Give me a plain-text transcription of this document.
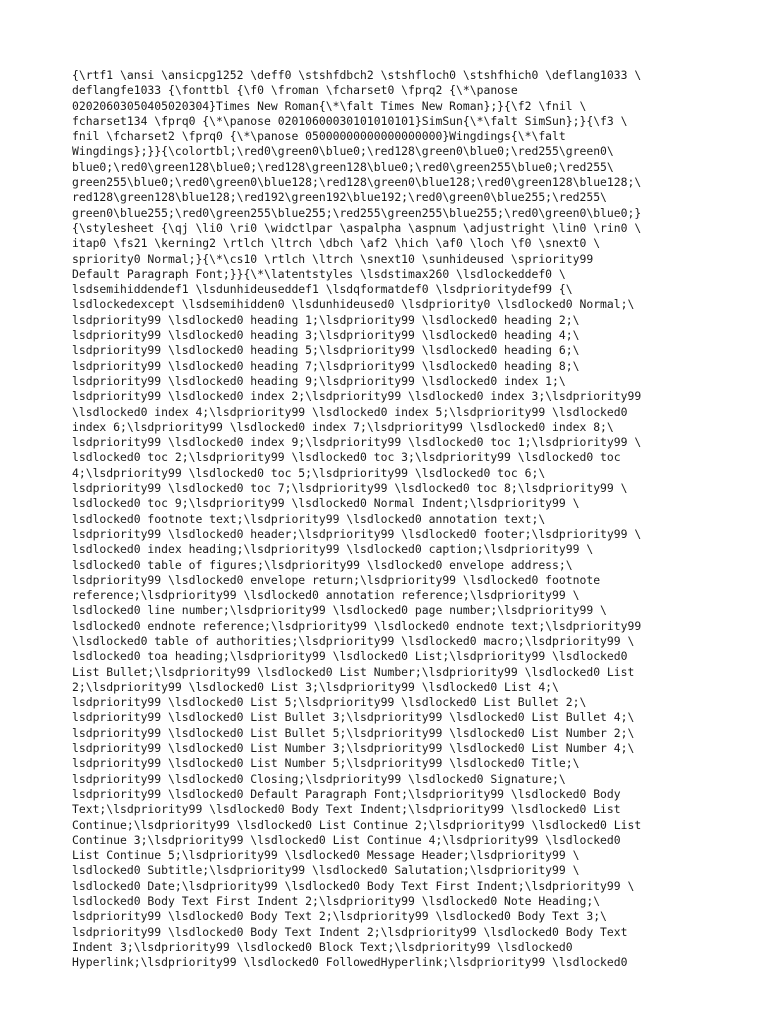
{\rtf1 \ansi \ansicpg1252 \deff0 \stshfdbch2 \stshfloch0 \stshfhich0 \deflang1033 \
deflangfe1033 {\fonttbl {\f0 \froman \fcharset0 \fprq2 {\*\panose
02020603050405020304}Times New Roman{\*\falt Times New Roman};}{\f2 \fnil \
fcharset134 \fprq0 {\*\panose 02010600030101010101}SimSun{\*\falt SimSun};}{\f3 \
fnil \fcharset2 \fprq0 {\*\panose 05000000000000000000}Wingdings{\*\falt
Wingdings};}}{\colortbl;\red0\green0\blue0;\red128\green0\blue0;\red255\green0\
blue0;\red0\green128\blue0;\red128\green128\blue0;\red0\green255\blue0;\red255\
green255\blue0;\red0\green0\blue128;\red128\green0\blue128;\red0\green128\blue128;\
red128\green128\blue128;\red192\green192\blue192;\red0\green0\blue255;\red255\
green0\blue255;\red0\green255\blue255;\red255\green255\blue255;\red0\green0\blue0;}
{\stylesheet {\qj \li0 \ri0 \widctlpar \aspalpha \aspnum \adjustright \lin0 \rin0 \
itap0 \fs21 \kerning2 \rtlch \ltrch \dbch \af2 \hich \af0 \loch \f0 \snext0 \
spriority0 Normal;}{\*\cs10 \rtlch \ltrch \snext10 \sunhideused \spriority99
Default Paragraph Font;}}{\*\latentstyles \lsdstimax260 \lsdlockeddef0 \
lsdsemihiddendef1 \lsdunhideuseddef1 \lsdqformatdef0 \lsdprioritydef99 {\
lsdlockedexcept \lsdsemihidden0 \lsdunhideused0 \lsdpriority0 \lsdlocked0 Normal;\
lsdpriority99 \lsdlocked0 heading 1;\lsdpriority99 \lsdlocked0 heading 2;\
lsdpriority99 \lsdlocked0 heading 3;\lsdpriority99 \lsdlocked0 heading 4;\
lsdpriority99 \lsdlocked0 heading 5;\lsdpriority99 \lsdlocked0 heading 6;\
lsdpriority99 \lsdlocked0 heading 7;\lsdpriority99 \lsdlocked0 heading 8;\
lsdpriority99 \lsdlocked0 heading 9;\lsdpriority99 \lsdlocked0 index 1;\
lsdpriority99 \lsdlocked0 index 2;\lsdpriority99 \lsdlocked0 index 3;\lsdpriority99
\lsdlocked0 index 4;\lsdpriority99 \lsdlocked0 index 5;\lsdpriority99 \lsdlocked0
index 6;\lsdpriority99 \lsdlocked0 index 7;\lsdpriority99 \lsdlocked0 index 8;\
lsdpriority99 \lsdlocked0 index 9;\lsdpriority99 \lsdlocked0 toc 1;\lsdpriority99 \
lsdlocked0 toc 2;\lsdpriority99 \lsdlocked0 toc 3;\lsdpriority99 \lsdlocked0 toc
4;\lsdpriority99 \lsdlocked0 toc 5;\lsdpriority99 \lsdlocked0 toc 6;\
lsdpriority99 \lsdlocked0 toc 7;\lsdpriority99 \lsdlocked0 toc 8;\lsdpriority99 \
lsdlocked0 toc 9;\lsdpriority99 \lsdlocked0 Normal Indent;\lsdpriority99 \
lsdlocked0 footnote text;\lsdpriority99 \lsdlocked0 annotation text;\
lsdpriority99 \lsdlocked0 header;\lsdpriority99 \lsdlocked0 footer;\lsdpriority99 \
lsdlocked0 index heading;\lsdpriority99 \lsdlocked0 caption;\lsdpriority99 \
lsdlocked0 table of figures;\lsdpriority99 \lsdlocked0 envelope address;\
lsdpriority99 \lsdlocked0 envelope return;\lsdpriority99 \lsdlocked0 footnote
reference;\lsdpriority99 \lsdlocked0 annotation reference;\lsdpriority99 \
lsdlocked0 line number;\lsdpriority99 \lsdlocked0 page number;\lsdpriority99 \
lsdlocked0 endnote reference;\lsdpriority99 \lsdlocked0 endnote text;\lsdpriority99
\lsdlocked0 table of authorities;\lsdpriority99 \lsdlocked0 macro;\lsdpriority99 \
lsdlocked0 toa heading;\lsdpriority99 \lsdlocked0 List;\lsdpriority99 \lsdlocked0
List Bullet;\lsdpriority99 \lsdlocked0 List Number;\lsdpriority99 \lsdlocked0 List
2;\lsdpriority99 \lsdlocked0 List 3;\lsdpriority99 \lsdlocked0 List 4;\
lsdpriority99 \lsdlocked0 List 5;\lsdpriority99 \lsdlocked0 List Bullet 2;\
lsdpriority99 \lsdlocked0 List Bullet 3;\lsdpriority99 \lsdlocked0 List Bullet 4;\
lsdpriority99 \lsdlocked0 List Bullet 5;\lsdpriority99 \lsdlocked0 List Number 2;\
lsdpriority99 \lsdlocked0 List Number 3;\lsdpriority99 \lsdlocked0 List Number 4;\
lsdpriority99 \lsdlocked0 List Number 5;\lsdpriority99 \lsdlocked0 Title;\
lsdpriority99 \lsdlocked0 Closing;\lsdpriority99 \lsdlocked0 Signature;\
lsdpriority99 \lsdlocked0 Default Paragraph Font;\lsdpriority99 \lsdlocked0 Body
Text;\lsdpriority99 \lsdlocked0 Body Text Indent;\lsdpriority99 \lsdlocked0 List
Continue;\lsdpriority99 \lsdlocked0 List Continue 2;\lsdpriority99 \lsdlocked0 List
Continue 3;\lsdpriority99 \lsdlocked0 List Continue 4;\lsdpriority99 \lsdlocked0
List Continue 5;\lsdpriority99 \lsdlocked0 Message Header;\lsdpriority99 \
lsdlocked0 Subtitle;\lsdpriority99 \lsdlocked0 Salutation;\lsdpriority99 \
lsdlocked0 Date;\lsdpriority99 \lsdlocked0 Body Text First Indent;\lsdpriority99 \
lsdlocked0 Body Text First Indent 2;\lsdpriority99 \lsdlocked0 Note Heading;\
lsdpriority99 \lsdlocked0 Body Text 2;\lsdpriority99 \lsdlocked0 Body Text 3;\
lsdpriority99 \lsdlocked0 Body Text Indent 2;\lsdpriority99 \lsdlocked0 Body Text
Indent 3;\lsdpriority99 \lsdlocked0 Block Text;\lsdpriority99 \lsdlocked0
Hyperlink;\lsdpriority99 \lsdlocked0 FollowedHyperlink;\lsdpriority99 \lsdlocked0
